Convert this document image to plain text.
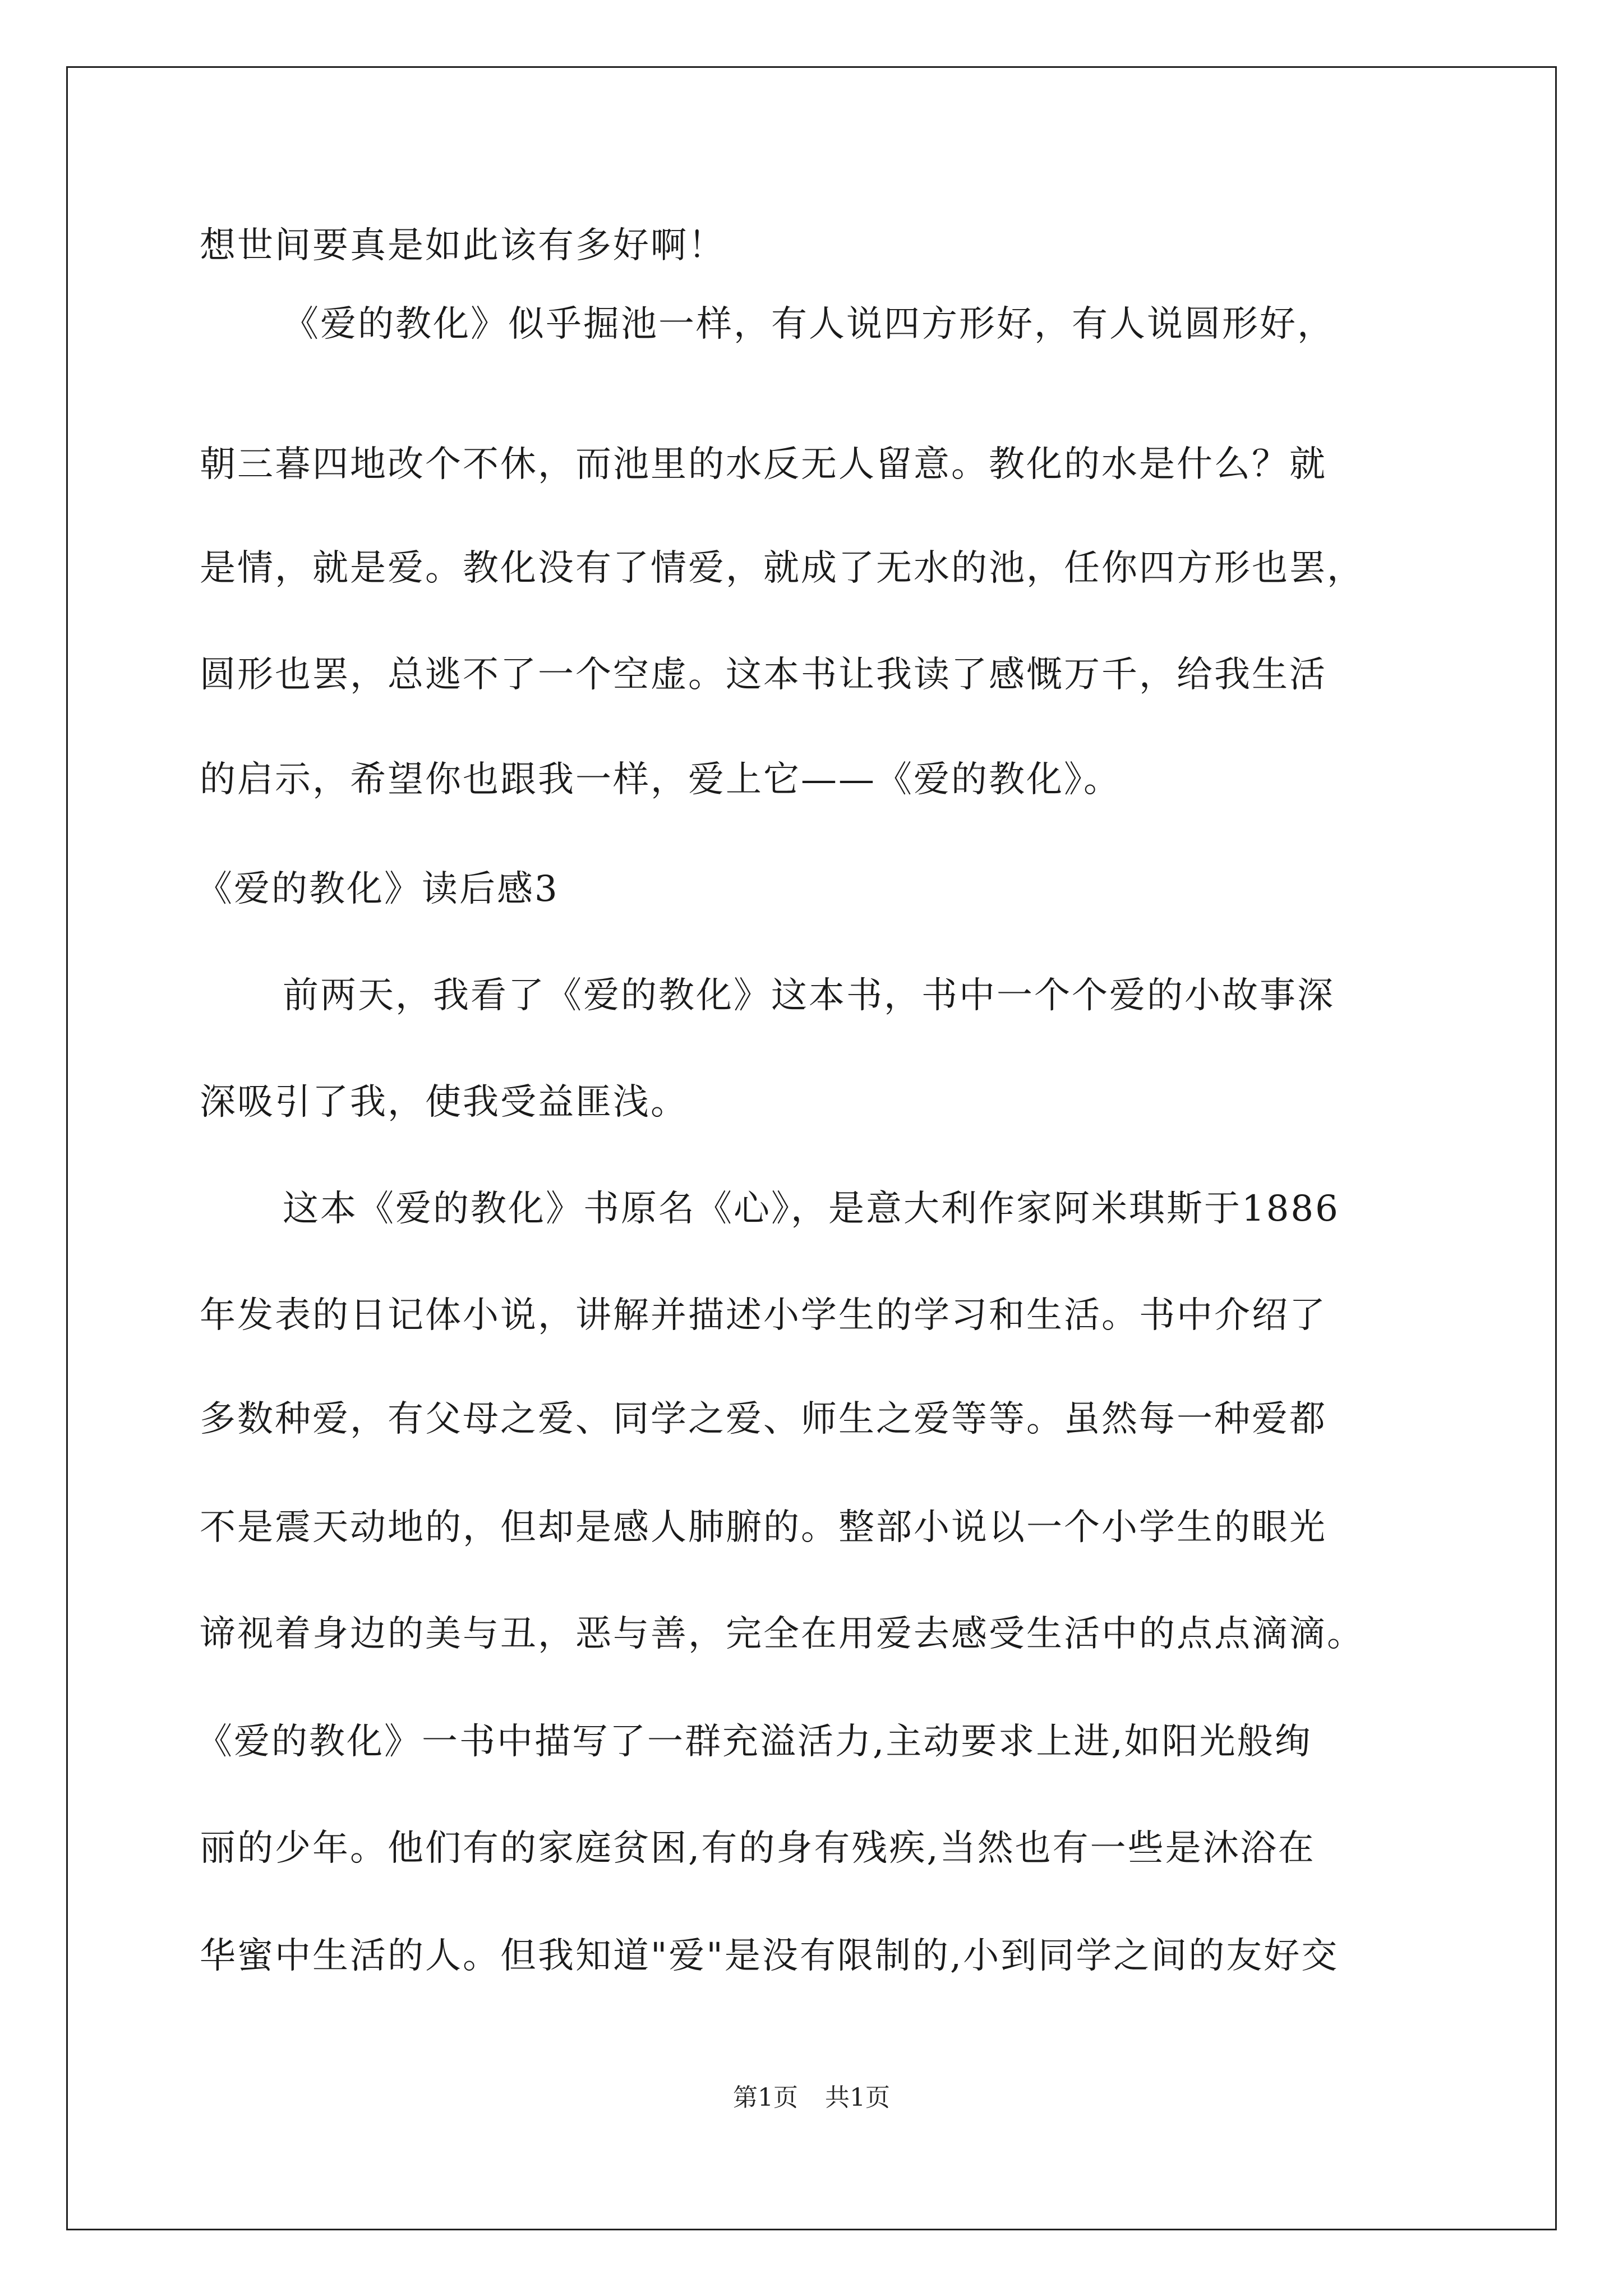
想世间要真是如此该有多好啊！
《爱的教化》似乎掘池一样，有人说四方形好，有人说圆形好，
朝三暮四地改个不休，而池里的水反无人留意。教化的水是什么？就
是情，就是爱。教化没有了情爱，就成了无水的池，任你四方形也罢，
圆形也罢，总逃不了一个空虚。这本书让我读了感慨万千，给我生活
的启示，希望你也跟我一样，爱上它——《爱的教化》。
《爱的教化》读后感3
前两天，我看了《爱的教化》这本书，书中一个个爱的小故事深
深吸引了我，使我受益匪浅。
这本《爱的教化》书原名《心》，是意大利作家阿米琪斯于1886
年发表的日记体小说，讲解并描述小学生的学习和生活。书中介绍了
多数种爱，有父母之爱、同学之爱、师生之爱等等。虽然每一种爱都
不是震天动地的，但却是感人肺腑的。整部小说以一个小学生的眼光
谛视着身边的美与丑，恶与善，完全在用爱去感受生活中的点点滴滴。
《爱的教化》一书中描写了一群充溢活力,主动要求上进,如阳光般绚
丽的少年。他们有的家庭贫困,有的身有残疾,当然也有一些是沐浴在
华蜜中生活的人。但我知道"爱"是没有限制的,小到同学之间的友好交
第1页 共1页
